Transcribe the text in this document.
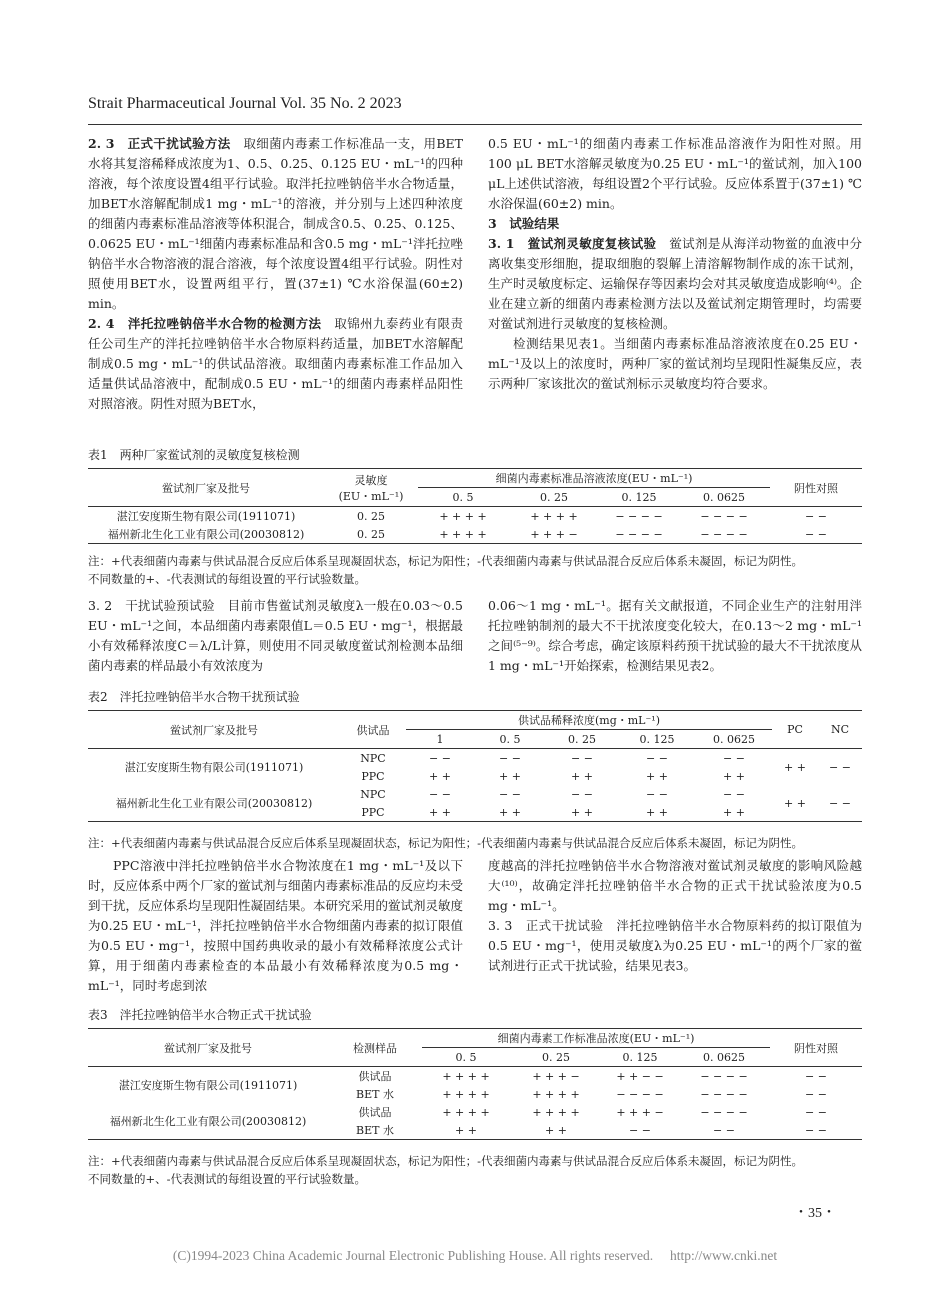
Strait Pharmaceutical Journal Vol. 35 No. 2 2023

2. 3　正式干扰试验方法　 取细菌内毒素工作标准品一支，用BET水将其复溶稀释成浓度为1、0.5、0.25、0.125 EU・mL⁻¹的四种溶液，每个浓度设置4组平行试验。取泮托拉唑钠倍半水合物适量，加BET水溶解配制成1 mg・mL⁻¹的溶液，并分别与上述四种浓度的细菌内毒素标准品溶液等体积混合，制成含0.5、0.25、0.125、0.0625 EU・mL⁻¹细菌内毒素标准品和含0.5 mg・mL⁻¹泮托拉唑钠倍半水合物溶液的混合溶液，每个浓度设置4组平行试验。阴性对照使用BET水，设置两组平行，置(37±1) ℃水浴保温(60±2) min。

2. 4　泮托拉唑钠倍半水合物的检测方法　 取锦州九泰药业有限责任公司生产的泮托拉唑钠倍半水合物原料药适量，加BET水溶解配制成0.5 mg・mL⁻¹的供试品溶液。取细菌内毒素标准工作品加入适量供试品溶液中，配制成0.5 EU・mL⁻¹的细菌内毒素样品阳性对照溶液。阴性对照为BET水，

0.5 EU・mL⁻¹的细菌内毒素工作标准品溶液作为阳性对照。用100 μL BET水溶解灵敏度为0.25 EU・mL⁻¹的鲎试剂，加入100 μL上述供试溶液，每组设置2个平行试验。反应体系置于(37±1) ℃水浴保温(60±2) min。

3　试验结果

3. 1　鲎试剂灵敏度复核试验　 鲎试剂是从海洋动物鲎的血液中分离收集变形细胞，提取细胞的裂解上清溶解物制作成的冻干试剂，生产时灵敏度标定、运输保存等因素均会对其灵敏度造成影响⁽⁴⁾。企业在建立新的细菌内毒素检测方法以及鲎试剂定期管理时，均需要对鲎试剂进行灵敏度的复核检测。

检测结果见表1。当细菌内毒素标准品溶液浓度在0.25 EU・mL⁻¹及以上的浓度时，两种厂家的鲎试剂均呈现阳性凝集反应，表示两种厂家该批次的鲎试剂标示灵敏度均符合要求。

表1　两种厂家鲎试剂的灵敏度复核检测
鲎试剂厂家及批号	灵敏度
(EU・mL⁻¹)	细菌内毒素标准品溶液浓度(EU・mL⁻¹)				阴性对照
		0. 5	0. 25	0. 125	0. 0625	
湛江安度斯生物有限公司(1911071)	0. 25	+ + + +	+ + + +	− − − −	− − − −	− −
福州新北生化工业有限公司(20030812)	0. 25	+ + + +	+ + + −	− − − −	− − − −	− −
注：+代表细菌内毒素与供试品混合反应后体系呈现凝固状态，标记为阳性；-代表细菌内毒素与供试品混合反应后体系未凝固，标记为阴性。
不同数量的+、-代表测试的每组设置的平行试验数量。

3. 2　干扰试验预试验　目前市售鲎试剂灵敏度λ一般在0.03～0.5 EU・mL⁻¹之间，本品细菌内毒素限值L＝0.5 EU・mg⁻¹，根据最小有效稀释浓度C＝λ/L计算，则使用不同灵敏度鲎试剂检测本品细菌内毒素的样品最小有效浓度为

0.06～1 mg・mL⁻¹。据有关文献报道，不同企业生产的注射用泮托拉唑钠制剂的最大不干扰浓度变化较大，在0.13～2 mg・mL⁻¹之间⁽⁵⁻⁹⁾。综合考虑，确定该原料药预干扰试验的最大不干扰浓度从1 mg・mL⁻¹开始探索，检测结果见表2。

表2　泮托拉唑钠倍半水合物干扰预试验
鲎试剂厂家及批号	供试品	供试品稀释浓度(mg・mL⁻¹)					PC	NC
		1	0. 5	0. 25	0. 125	0. 0625		
湛江安度斯生物有限公司(1911071)	NPC	− −	− −	− −	− −	− −	+ +	− −
	PPC	+ +	+ +	+ +	+ +	+ +		
福州新北生化工业有限公司(20030812)	NPC	− −	− −	− −	− −	− −	+ +	− −
	PPC	+ +	+ +	+ +	+ +	+ +		
注：+代表细菌内毒素与供试品混合反应后体系呈现凝固状态，标记为阳性；-代表细菌内毒素与供试品混合反应后体系未凝固，标记为阴性。

PPC溶液中泮托拉唑钠倍半水合物浓度在1 mg・mL⁻¹及以下时，反应体系中两个厂家的鲎试剂与细菌内毒素标准品的反应均未受到干扰，反应体系均呈现阳性凝固结果。本研究采用的鲎试剂灵敏度为0.25 EU・mL⁻¹，泮托拉唑钠倍半水合物细菌内毒素的拟订限值为0.5 EU・mg⁻¹，按照中国药典收录的最小有效稀释浓度公式计算，用于细菌内毒素检查的本品最小有效稀释浓度为0.5 mg・mL⁻¹，同时考虑到浓

度越高的泮托拉唑钠倍半水合物溶液对鲎试剂灵敏度的影响风险越大⁽¹⁰⁾，故确定泮托拉唑钠倍半水合物的正式干扰试验浓度为0.5 mg・mL⁻¹。

3. 3　正式干扰试验　泮托拉唑钠倍半水合物原料药的拟订限值为0.5 EU・mg⁻¹，使用灵敏度λ为0.25 EU・mL⁻¹的两个厂家的鲎试剂进行正式干扰试验，结果见表3。

表3　泮托拉唑钠倍半水合物正式干扰试验
鲎试剂厂家及批号	检测样品	细菌内毒素工作标准品浓度(EU・mL⁻¹)				阴性对照
		0. 5	0. 25	0. 125	0. 0625	
湛江安度斯生物有限公司(1911071)	供试品	+ + + +	+ + + −	+ + − −	− − − −	− −
	BET 水	+ + + +	+ + + +	− − − −	− − − −	− −
福州新北生化工业有限公司(20030812)	供试品	+ + + +	+ + + +	+ + + −	− − − −	− −
	BET 水	+ +	+ +	− −	− −	− −
注：+代表细菌内毒素与供试品混合反应后体系呈现凝固状态，标记为阳性；-代表细菌内毒素与供试品混合反应后体系未凝固，标记为阴性。
不同数量的+、-代表测试的每组设置的平行试验数量。
・35・
(C)1994-2023 China Academic Journal Electronic Publishing House. All rights reserved.　 http://www.cnki.net
